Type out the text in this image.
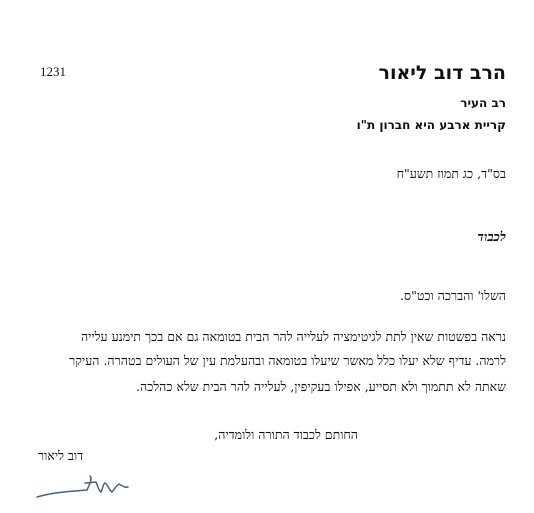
1231	הרב דוב ליאור
רב העיר
קריית ארבע היא חברון ת"ו
בס"ד, כג תמוז תשע"ח
לכבוד
השלו' והברכה וכט"ס.
נראה בפשטות שאין לתת לגיטימציה לעלייה להר הבית בטומאה גם אם בכך תימנע עלייה
לרמה. עדיף שלא יעלו כלל מאשר שיעלו בטומאה ובהעלמת עין של העולים בטהרה. העיקר
שאתה לא תתמוך ולא תסייע, אפילו בעקיפין, לעלייה להר הבית שלא כהלכה.
החותם לכבוד התורה ולומדיה,
דוב ליאור
